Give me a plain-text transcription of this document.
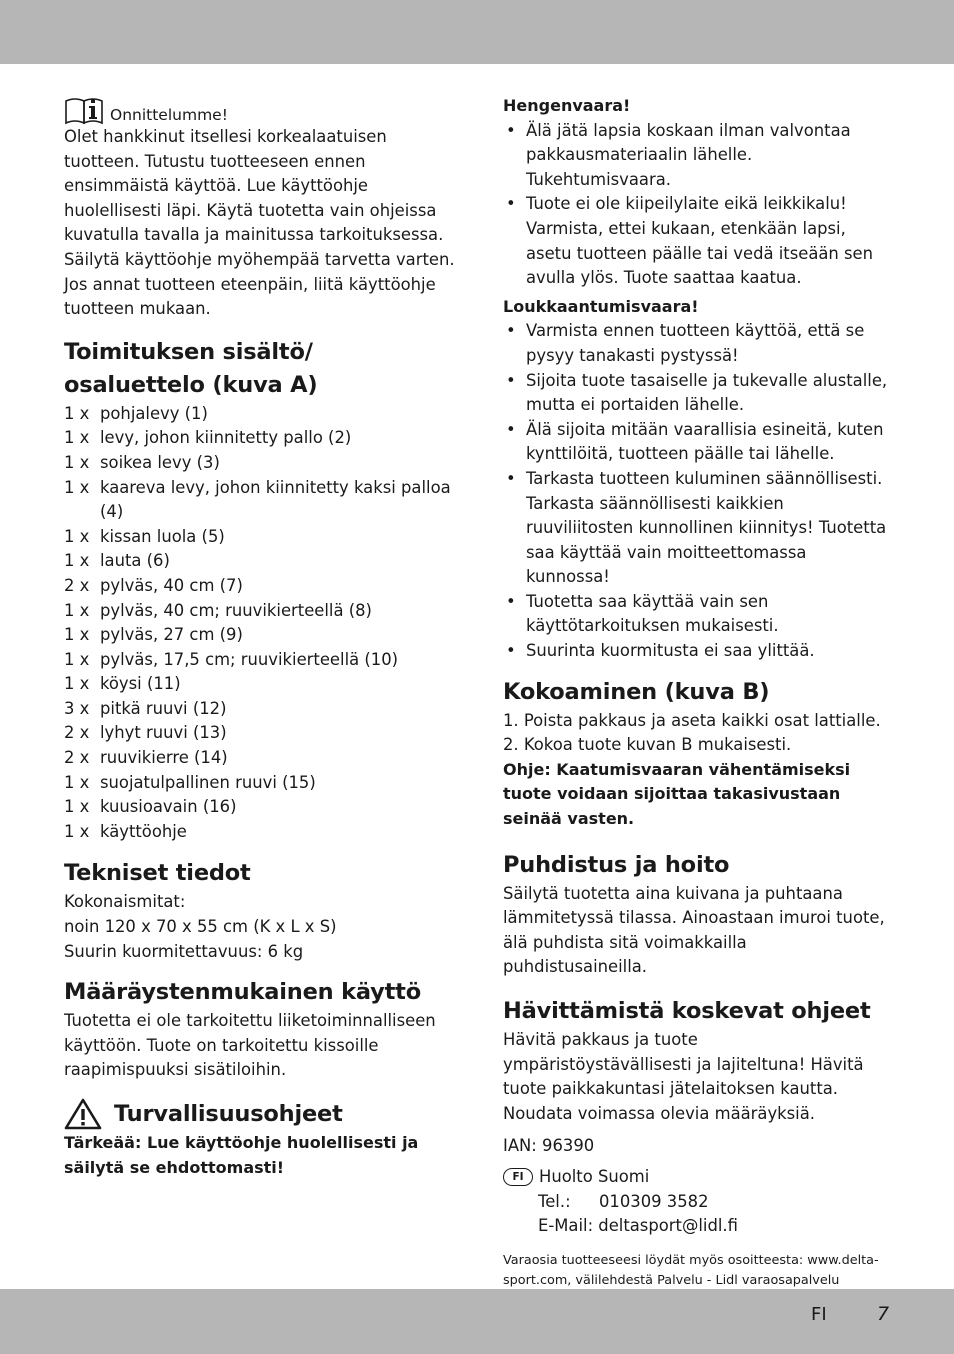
Onnittelumme!

Olet hankkinut itsellesi korkealaatuisen tuotteen. Tutustu tuotteeseen ennen ensimmäistä käyttöä. Lue käyttöohje huolellisesti läpi. Käytä tuotetta vain ohjeissa kuvatulla tavalla ja mainitussa tarkoituksessa. Säilytä käyttöohje myöhempää tarvetta varten. Jos annat tuotteen eteenpäin, liitä käyttöohje tuotteen mukaan.

Toimituksen sisältö/
osaluettelo (kuva A)
1 x pohjalevy (1)
1 x levy, johon kiinnitetty pallo (2)
1 x soikea levy (3)
1 x kaareva levy, johon kiinnitetty kaksi palloa (4)
1 x kissan luola (5)
1 x lauta (6)
2 x pylväs, 40 cm (7)
1 x pylväs, 40 cm; ruuvikierteellä (8)
1 x pylväs, 27 cm (9)
1 x pylväs, 17,5 cm; ruuvikierteellä (10)
1 x köysi (11)
3 x pitkä ruuvi (12)
2 x lyhyt ruuvi (13)
2 x ruuvikierre (14)
1 x suojatulpallinen ruuvi (15)
1 x kuusioavain (16)
1 x käyttöohje
Tekniset tiedot

Kokonaismitat:

noin 120 x 70 x 55 cm (K x L x S)

Suurin kuormitettavuus: 6 kg

Määräystenmukainen käyttö

Tuotetta ei ole tarkoitettu liiketoiminnalliseen käyttöön. Tuote on tarkoitettu kissoille raapimispuuksi sisätiloihin.

Turvallisuusohjeet

Tärkeää: Lue käyttöohje huolellisesti ja säilytä se ehdottomasti!

Hengenvaara!

• Älä jätä lapsia koskaan ilman valvontaa pakkausmateriaalin lähelle. Tukehtumisvaara.
• Tuote ei ole kiipeilylaite eikä leikkikalu! Varmista, ettei kukaan, etenkään lapsi, asetu tuotteen päälle tai vedä itseään sen avulla ylös. Tuote saattaa kaatua.

Loukkaantumisvaara!

• Varmista ennen tuotteen käyttöä, että se pysyy tanakasti pystyssä!
• Sijoita tuote tasaiselle ja tukevalle alustalle, mutta ei portaiden lähelle.
• Älä sijoita mitään vaarallisia esineitä, kuten kynttilöitä, tuotteen päälle tai lähelle.
• Tarkasta tuotteen kuluminen säännöllisesti. Tarkasta säännöllisesti kaikkien ruuviliitosten kunnollinen kiinnitys! Tuotetta saa käyttää vain moitteettomassa kunnossa!
• Tuotetta saa käyttää vain sen käyttötarkoituksen mukaisesti.
• Suurinta kuormitusta ei saa ylittää.
Kokoaminen (kuva B)

1. Poista pakkaus ja aseta kaikki osat lattialle.

2. Kokoa tuote kuvan B mukaisesti.

Ohje: Kaatumisvaaran vähentämiseksi tuote voidaan sijoittaa takasivustaan seinää vasten.

Puhdistus ja hoito

Säilytä tuotetta aina kuivana ja puhtaana lämmitetyssä tilassa. Ainoastaan imuroi tuote, älä puhdista sitä voimakkailla puhdistusaineilla.

Hävittämistä koskevat ohjeet

Hävitä pakkaus ja tuote ympäristöystävällisesti ja lajiteltuna! Hävitä tuote paikkakuntasi jätelaitoksen kautta. Noudata voimassa olevia määräyksiä.

IAN: 96390

FI Huolto Suomi
Tel.:	010309 3582
E-Mail: deltasport@lidl.fi

Varaosia tuotteeseesi löydät myös osoitteesta: www.delta-sport.com, välilehdestä Palvelu - Lidl varaosapalvelu

FI	7
